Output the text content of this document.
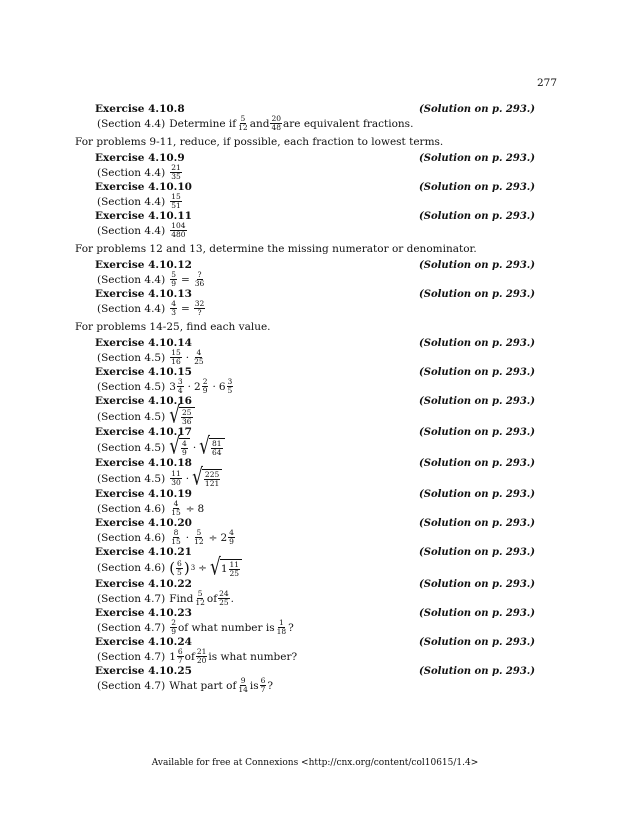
277
Exercise 4.10.8	(Solution on p. 293.)
(Section 4.4) Determine if $\frac{5}{12}$ and $\frac{20}{48}$ are equivalent fractions.
For problems 9-11, reduce, if possible, each fraction to lowest terms.
Exercise 4.10.9	(Solution on p. 293.)
(Section $4.4) \frac{21}{35}$
Exercise 4.10.10	(Solution on p. 293.)
(Section $4.4) \frac{15}{51}$
Exercise 4.10.11	(Solution on p. 293.)
(Section $4.4) \frac{104}{480}$
For problems 12 and 13, determine the missing numerator or denominator.
Exercise 4.10.12	(Solution on p. 293.)
(Section $4.4) \frac{5}{9} = \frac{?}{36}$
Exercise 4.10.13	(Solution on p. 293.)
(Section $4.4) \frac{4}{3} = \frac{32}{?}$
For problems 14-25, find each value.
Exercise 4.10.14	(Solution on p. 293.)
(Section $4.5) \frac{15}{16} \cdot \frac{4}{25}$
Exercise 4.10.15	(Solution on p. 293.)
(Section 4.5) $3 \frac{3}{4} \cdot 2 \frac{2}{9} \cdot 6 \frac{3}{5}$
Exercise 4.10.16	(Solution on p. 293.)
(Section 4.5) √ $\frac{25}{36}$
Exercise 4.10.17	(Solution on p. 293.)
(Section 4.5) √ $\frac{4}{9}$ · √ $\frac{81}{64}$
Exercise 4.10.18	(Solution on p. 293.)
(Section $4.5) \frac{11}{30}$ · √ $\frac{225}{121}$
Exercise 4.10.19	(Solution on p. 293.)
(Section $4.6) \frac{4}{15} \div 8$
Exercise 4.10.20	(Solution on p. 293.)
(Section $4.6) \frac{8}{15} \cdot \frac{5}{12} \div 2 \frac{4}{9}$
Exercise 4.10.21	(Solution on p. 293.)
(Section 4.6) ( $\frac{6}{5}$ ) 3 ÷ √ $1 \frac{11}{25}$
Exercise 4.10.22	(Solution on p. 293.)
(Section 4.7) Find $\frac{5}{12}$ of $\frac{24}{25}$ .
Exercise 4.10.23	(Solution on p. 293.)
(Section $4.7) \frac{2}{9}$ of what number is $\frac{1}{18}$ ?
Exercise 4.10.24	(Solution on p. 293.)
(Section 4.7) $1 \frac{6}{7}$ of $\frac{21}{20}$ is what number?
Exercise 4.10.25	(Solution on p. 293.)
(Section 4.7) What part of $\frac{9}{14}$ is $\frac{6}{7}$ ?
Available for free at Connexions <http://cnx.org/content/col10615/1.4>
